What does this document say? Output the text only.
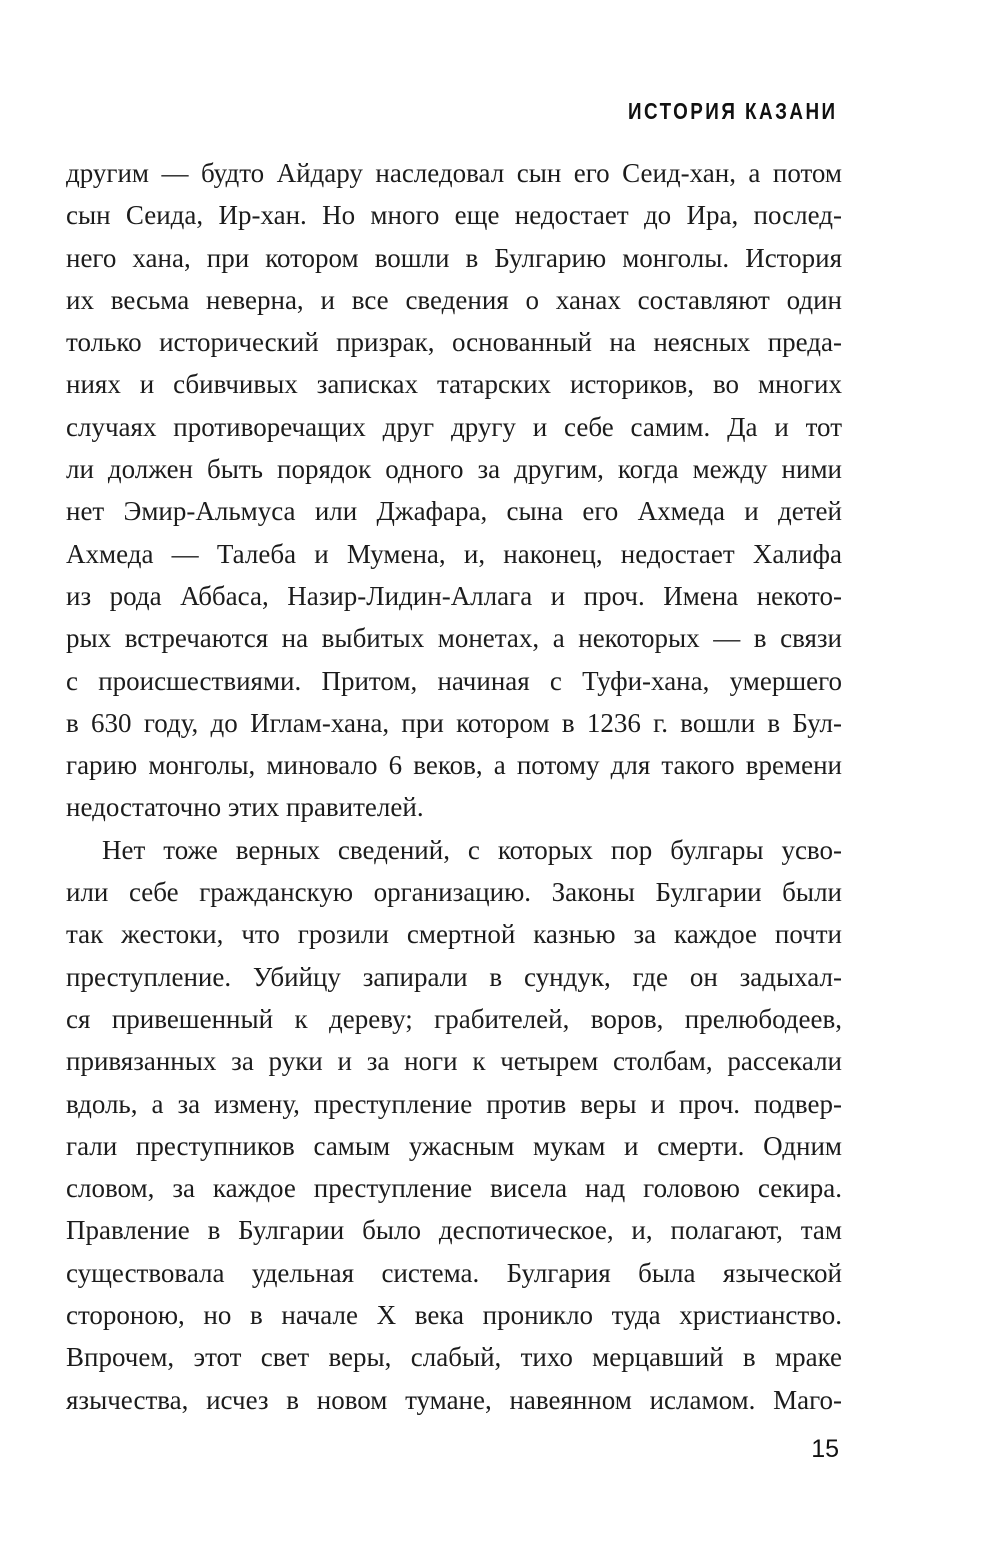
ИСТОРИЯ КАЗАНИ
другим — будто Айдару наследовал сын его Сеид-хан, а потом
сын Сеида, Ир-хан. Но много еще недостает до Ира, послед-
него хана, при котором вошли в Булгарию монголы. История
их весьма неверна, и все сведения о ханах составляют один
только исторический призрак, основанный на неясных преда-
ниях и сбивчивых записках татарских историков, во многих
случаях противоречащих друг другу и себе самим. Да и тот
ли должен быть порядок одного за другим, когда между ними
нет Эмир-Альмуса или Джафара, сына его Ахмеда и детей
Ахмеда — Талеба и Мумена, и, наконец, недостает Халифа
из рода Аббаса, Назир-Лидин-Аллага и проч. Имена некото-
рых встречаются на выбитых монетах, а некоторых — в связи
с происшествиями. Притом, начиная с Туфи-хана, умершего
в 630 году, до Иглам-хана, при котором в 1236 г. вошли в Бул-
гарию монголы, миновало 6 веков, а потому для такого времени
недостаточно этих правителей.
Нет тоже верных сведений, с которых пор булгары усво-
или себе гражданскую организацию. Законы Булгарии были
так жестоки, что грозили смертной казнью за каждое почти
преступление. Убийцу запирали в сундук, где он задыхал-
ся привешенный к дереву; грабителей, воров, прелюбодеев,
привязанных за руки и за ноги к четырем столбам, рассекали
вдоль, а за измену, преступление против веры и проч. подвер-
гали преступников самым ужасным мукам и смерти. Одним
словом, за каждое преступление висела над головою секира.
Правление в Булгарии было деспотическое, и, полагают, там
существовала удельная система. Булгария была языческой
стороною, но в начале X века проникло туда христианство.
Впрочем, этот свет веры, слабый, тихо мерцавший в мраке
язычества, исчез в новом тумане, навеянном исламом. Маго-
15
